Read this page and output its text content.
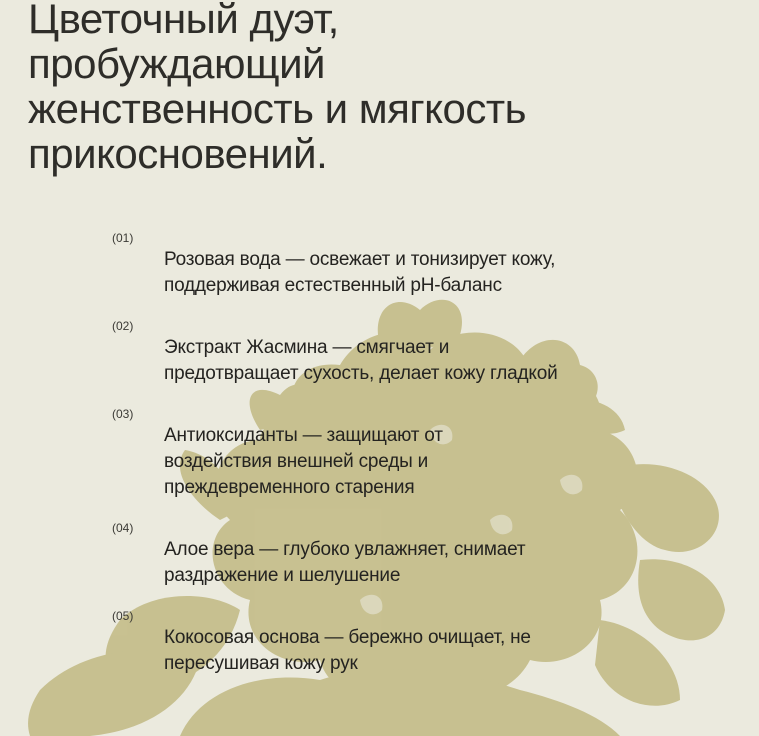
Цветочный дуэт,
пробуждающий
женственность и мягкость
прикосновений.
(01)
Розовая вода — освежает и тонизирует кожу,
поддерживая естественный pH-баланс
(02)
Экстракт Жасмина — смягчает и
предотвращает сухость, делает кожу гладкой
(03)
Антиоксиданты — защищают от
воздействия внешней среды и
преждевременного старения
(04)
Алое вера — глубоко увлажняет, снимает
раздражение и шелушение
(05)
Кокосовая основа — бережно очищает, не
пересушивая кожу рук
